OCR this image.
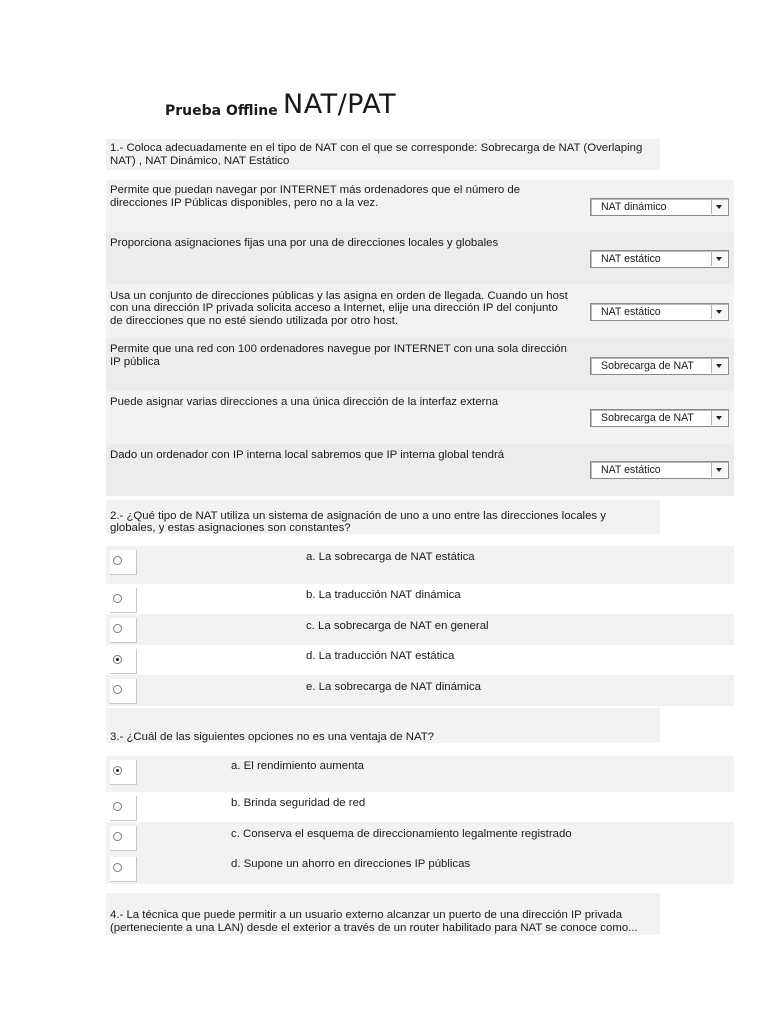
Prueba Offline NAT/PAT
1.- Coloca adecuadamente en el tipo de NAT con el que se corresponde: Sobrecarga de NAT (Overlaping
NAT) , NAT Dinámico, NAT Estático
Permite que puedan navegar por INTERNET más ordenadores que el número de
direcciones IP Públicas disponibles, pero no a la vez.	NAT dinámico
Proporciona asignaciones fijas una por una de direcciones locales y globales
NAT estático
Usa un conjunto de direcciones públicas y las asigna en orden de llegada. Cuando un host
con una dirección IP privada solicita acceso a Internet, elije una dirección IP del conjunto
de direcciones que no esté siendo utilizada por otro host.
NAT estático
Permite que una red con 100 ordenadores navegue por INTERNET con una sola dirección
IP pública	Sobrecarga de NAT
Puede asignar varias direcciones a una única dirección de la interfaz externa
Sobrecarga de NAT
Dado un ordenador con IP interna local sabremos que IP interna global tendrá
NAT estático
2.- ¿Qué tipo de NAT utiliza un sistema de asignación de uno a uno entre las direcciones locales y
globales, y estas asignaciones son constantes?
a. La sobrecarga de NAT estática
b. La traducción NAT dinámica
c. La sobrecarga de NAT en general
d. La traducción NAT estática
e. La sobrecarga de NAT dinámica
3.- ¿Cuál de las siguientes opciones no es una ventaja de NAT?
a. El rendimiento aumenta
b. Brinda seguridad de red
c. Conserva el esquema de direccionamiento legalmente registrado
d. Supone un ahorro en direcciones IP públicas
4.- La técnica que puede permitir a un usuario externo alcanzar un puerto de una dirección IP privada
(perteneciente a una LAN) desde el exterior a través de un router habilitado para NAT se conoce como...
